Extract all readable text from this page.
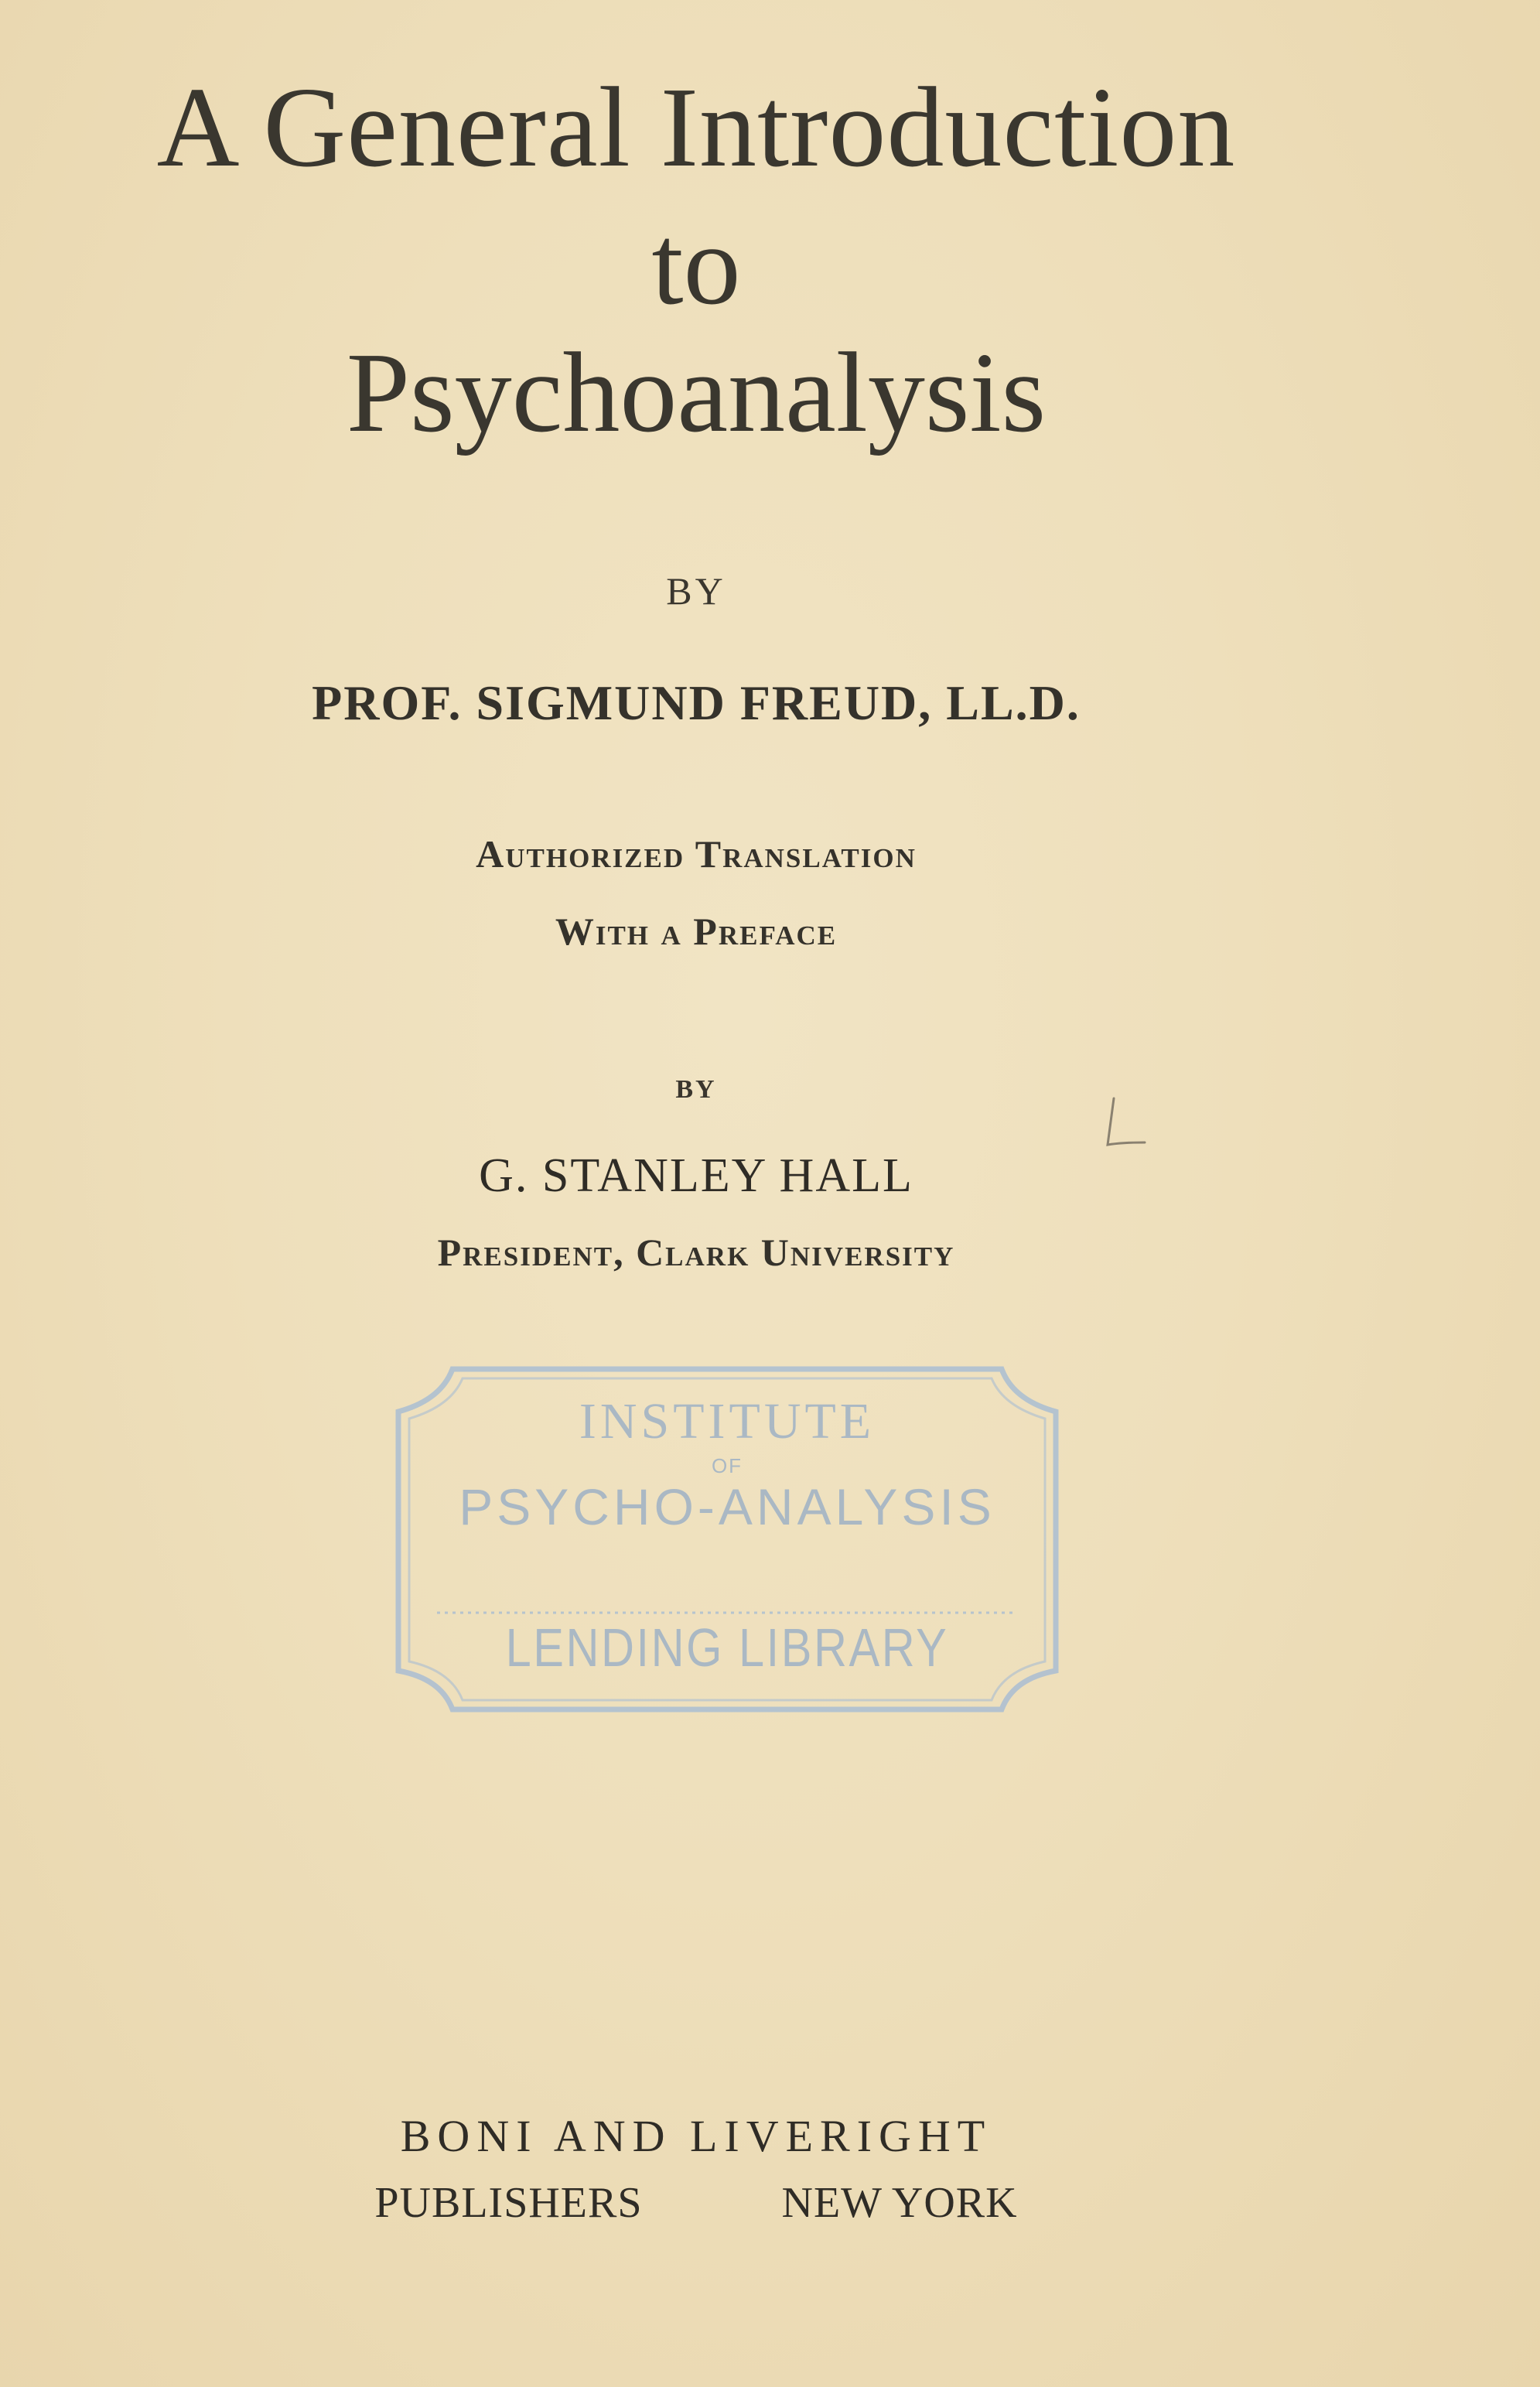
A General Introduction
to
Psychoanalysis
BY
PROF. SIGMUND FREUD, LL.D.
Authorized Translation
With a Preface
BY
G. STANLEY HALL
President, Clark University
INSTITUTE
OF
PSYCHO-ANALYSIS
LENDING LIBRARY
BONI AND LIVERIGHT
PUBLISHERS	NEW YORK
